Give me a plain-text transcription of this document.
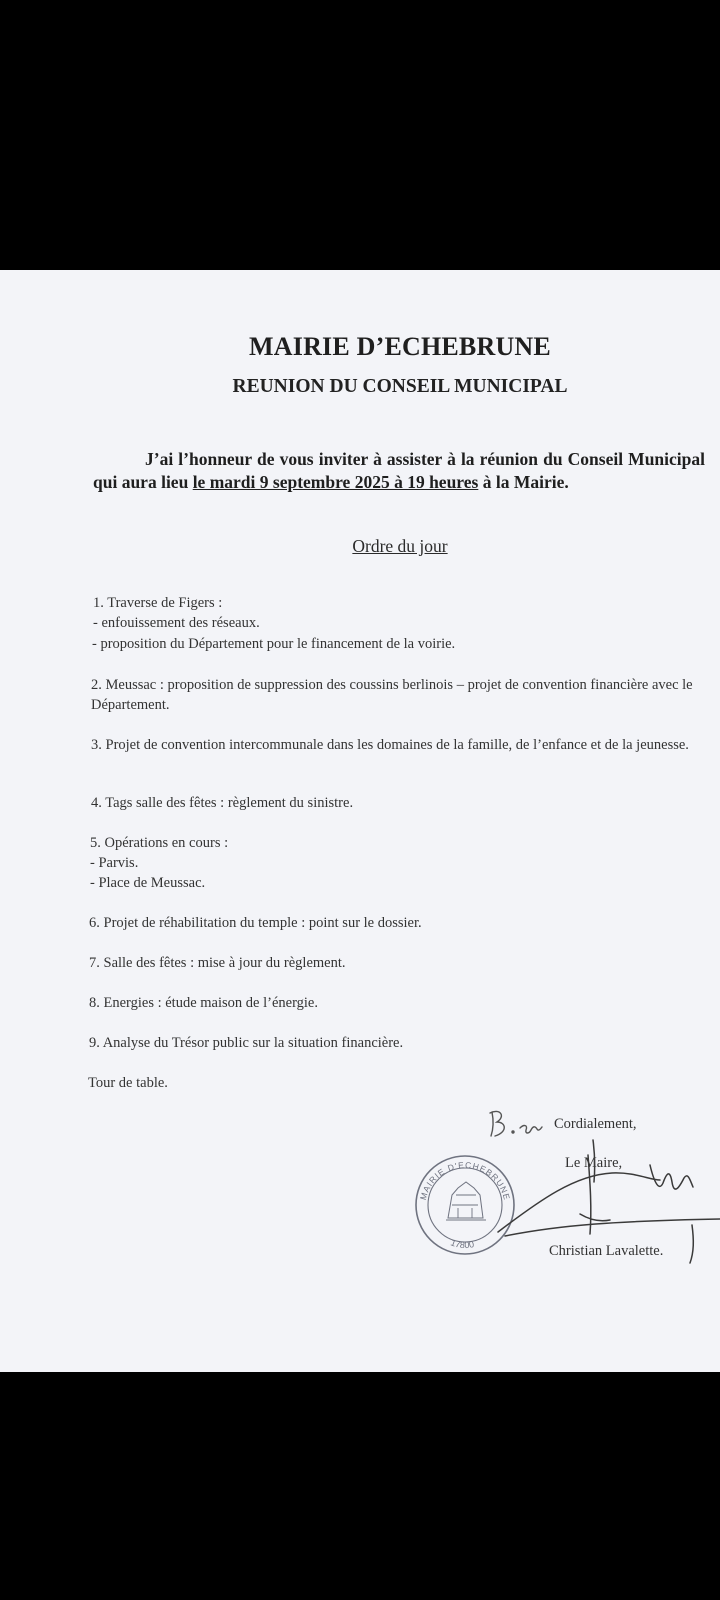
MAIRIE D’ECHEBRUNE
REUNION DU CONSEIL MUNICIPAL
J’ai l’honneur de vous inviter à assister à la réunion du Conseil Municipal qui aura lieu le mardi 9 septembre 2025 à 19 heures à la Mairie.
Ordre du jour
1. Traverse de Figers :
- enfouissement des réseaux.
- proposition du Département pour le financement de la voirie.
2. Meussac : proposition de suppression des coussins berlinois – projet de convention financière avec le Département.
3. Projet de convention intercommunale dans les domaines de la famille, de l’enfance et de la jeunesse.
4. Tags salle des fêtes : règlement du sinistre.
5. Opérations en cours :
- Parvis.
- Place de Meussac.
6. Projet de réhabilitation du temple : point sur le dossier.
7. Salle des fêtes : mise à jour du règlement.
8. Energies : étude maison de l’énergie.
9. Analyse du Trésor public sur la situation financière.
Tour de table.
Cordialement,
Le Maire,
Christian Lavalette.
MAIRIE D'ECHEBRUNE
17800
